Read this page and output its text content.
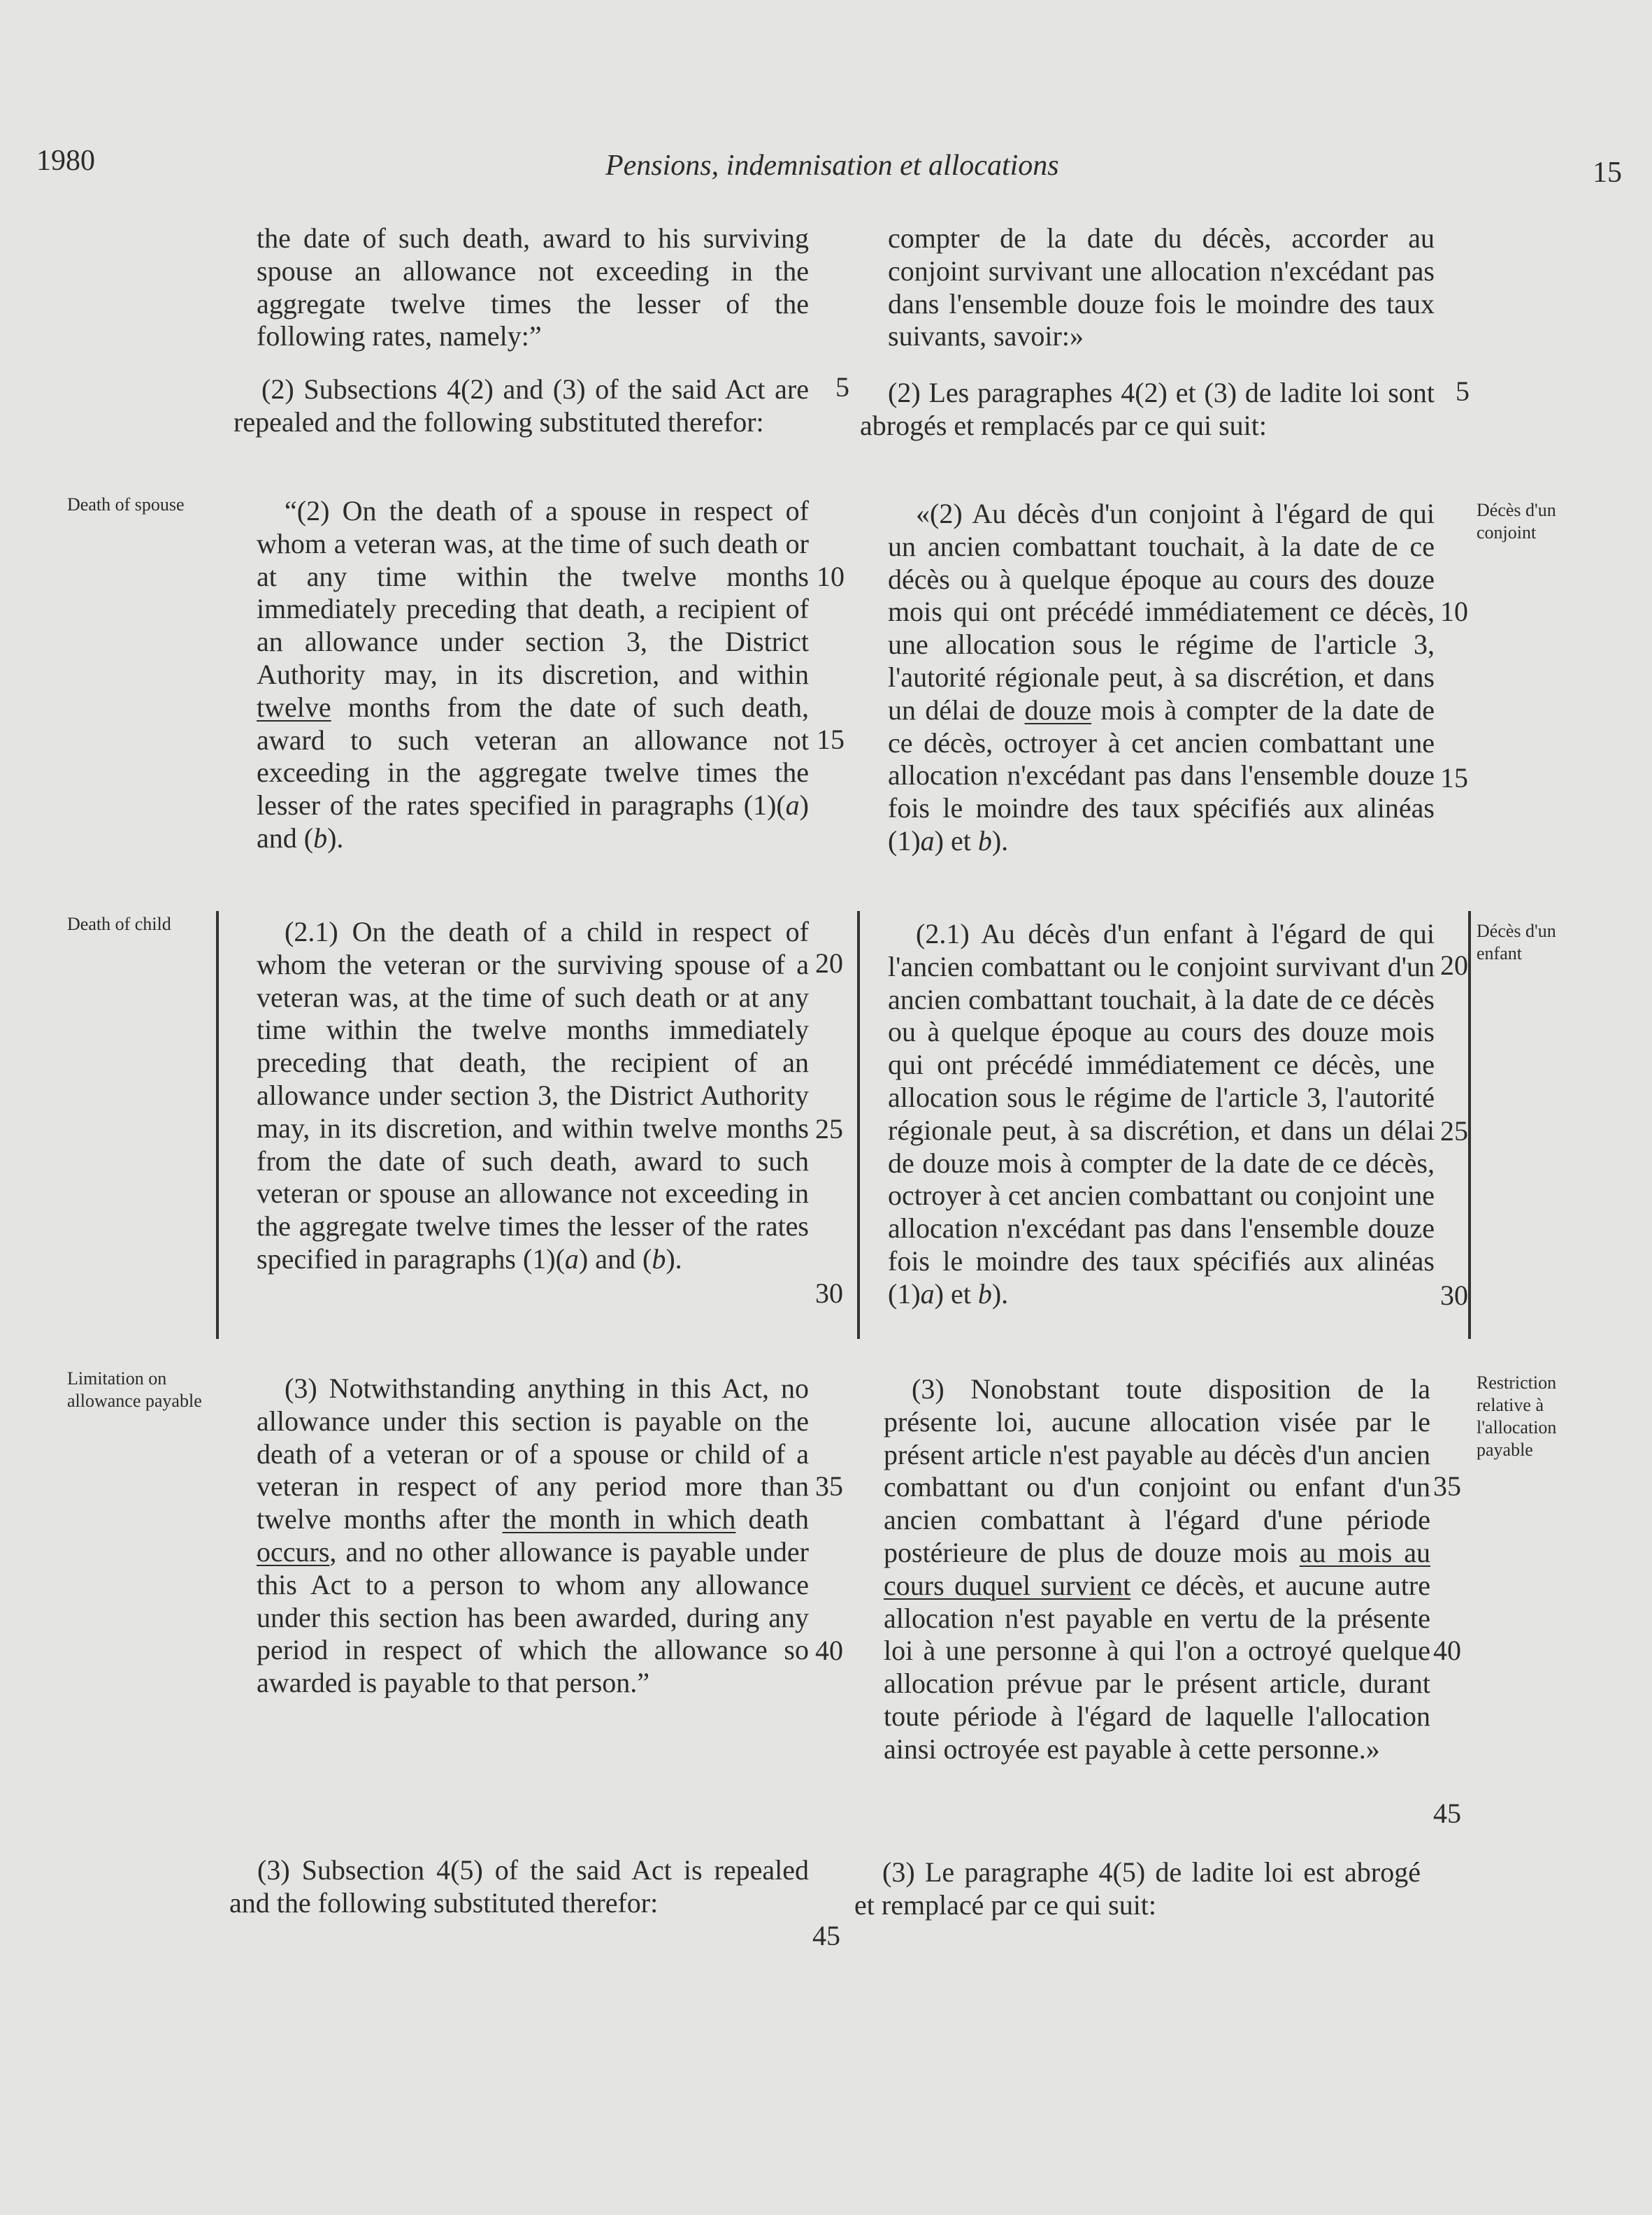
1980	Pensions, indemnisation et allocations	15

the date of such death, award to his surviving spouse an allowance not exceeding in the aggregate twelve times the lesser of the following rates, namely:”

(2) Subsections 4(2) and (3) of the said Act are repealed and the following substituted therefor:

“(2) On the death of a spouse in respect of whom a veteran was, at the time of such death or at any time within the twelve months immediately preceding that death, a recipient of an allowance under section 3, the District Authority may, in its discretion, and within twelve months from the date of such death, award to such veteran an allowance not exceeding in the aggregate twelve times the lesser of the rates specified in paragraphs (1)(a) and (b).

(2.1) On the death of a child in respect of whom the veteran or the surviving spouse of a veteran was, at the time of such death or at any time within the twelve months immediately preceding that death, the recipient of an allowance under section 3, the District Authority may, in its discretion, and within twelve months from the date of such death, award to such veteran or spouse an allowance not exceeding in the aggregate twelve times the lesser of the rates specified in paragraphs (1)(a) and (b).

(3) Notwithstanding anything in this Act, no allowance under this section is payable on the death of a veteran or of a spouse or child of a veteran in respect of any period more than twelve months after the month in which death occurs, and no other allowance is payable under this Act to a person to whom any allowance under this section has been awarded, during any period in respect of which the allowance so awarded is payable to that person.”

(3) Subsection 4(5) of the said Act is repealed and the following substituted therefor:

compter de la date du décès, accorder au conjoint survivant une allocation n'excédant pas dans l'ensemble douze fois le moindre des taux suivants, savoir:»

(2) Les paragraphes 4(2) et (3) de ladite loi sont abrogés et remplacés par ce qui suit:

«(2) Au décès d'un conjoint à l'égard de qui un ancien combattant touchait, à la date de ce décès ou à quelque époque au cours des douze mois qui ont précédé immédiatement ce décès, une allocation sous le régime de l'article 3, l'autorité régionale peut, à sa discrétion, et dans un délai de douze mois à compter de la date de ce décès, octroyer à cet ancien combattant une allocation n'excédant pas dans l'ensemble douze fois le moindre des taux spécifiés aux alinéas (1)a) et b).

(2.1) Au décès d'un enfant à l'égard de qui l'ancien combattant ou le conjoint survivant d'un ancien combattant touchait, à la date de ce décès ou à quelque époque au cours des douze mois qui ont précédé immédiatement ce décès, une allocation sous le régime de l'article 3, l'autorité régionale peut, à sa discrétion, et dans un délai de douze mois à compter de la date de ce décès, octroyer à cet ancien combattant ou conjoint une allocation n'excédant pas dans l'ensemble douze fois le moindre des taux spécifiés aux alinéas (1)a) et b).

(3) Nonobstant toute disposition de la présente loi, aucune allocation visée par le présent article n'est payable au décès d'un ancien combattant ou d'un conjoint ou enfant d'un ancien combattant à l'égard d'une période postérieure de plus de douze mois au mois au cours duquel survient ce décès, et aucune autre allocation n'est payable en vertu de la présente loi à une personne à qui l'on a octroyé quelque allocation prévue par le présent article, durant toute période à l'égard de laquelle l'allocation ainsi octroyée est payable à cette personne.»

(3) Le paragraphe 4(5) de ladite loi est abrogé et remplacé par ce qui suit:

Death of spouse
Death of child
Limitation on allowance payable
Décès d'un conjoint
Décès d'un enfant
Restriction relative à l'allocation payable
5
10
15
20
25
30
35
40
45
5
10
15
20
25
30
35
40
45
